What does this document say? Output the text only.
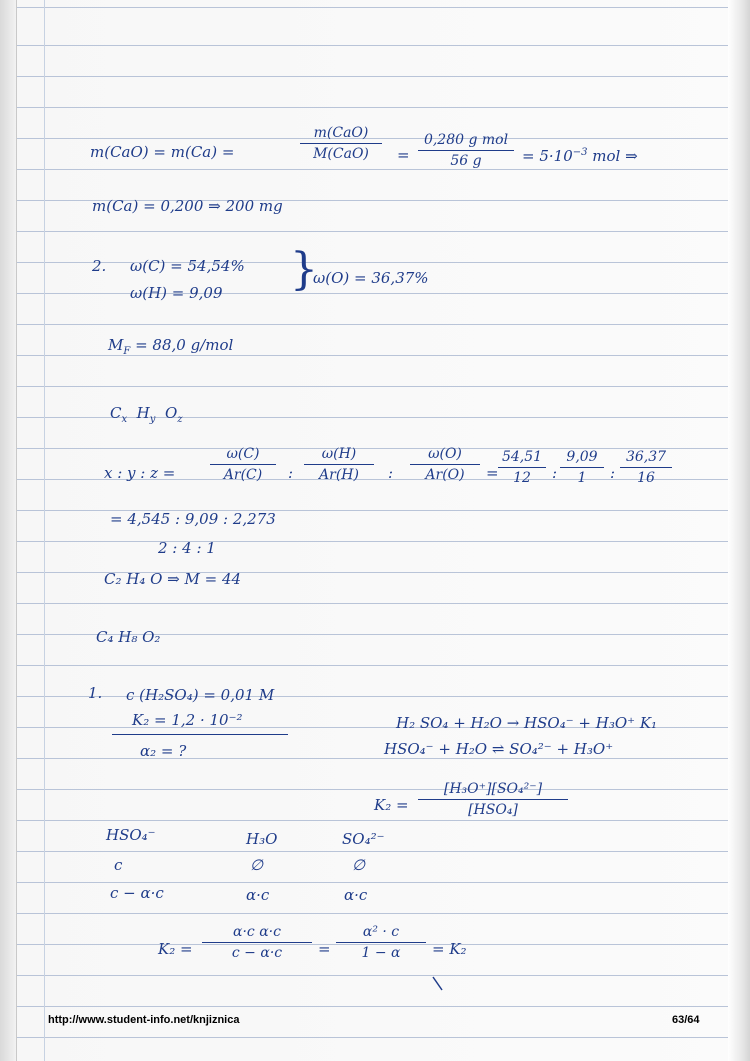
m(CaO) = m(Ca) =
m(CaO)
M(CaO)	=
0,280 g mol
56 g	= $5\cdot 10^{-3}$ mol ⇒
m(Ca) = 0,200 ⇒ 200 mg
2. ω(C) = 54,54%
ω(H) = 9,09 }
ω(O) = 36,37%
$M_F = 88,0$ g/mol
$C_x$ $H_y$ $O_z$
x : y : z =
ω(C)
Ar(C)	:
ω(H)
Ar(H)	:
ω(O)
Ar(O)	=
54,51
12	:
9,09
1	:
36,37
16
= 4,545 : 9,09 : 2,273
2 : 4 : 1
C₂ H₄ O ⇒ M = 44
C₄ H₈ O₂
1. c (H₂SO₄) = 0,01 M
K₂ = 1,2 · 10⁻²
α₂ = ?
H₂ SO₄ + H₂O → HSO₄⁻ + H₃O⁺ K₁
HSO₄⁻ + H₂O ⇌ SO₄²⁻ + H₃O⁺
K₂ =
[H₃O⁺][SO₄²⁻]
[HSO₄]
HSO₄⁻	H₃O	SO₄²⁻
c	∅	∅
c − α·c	α·c	α·c
K₂ =
α·c α·c
c − α·c	=
α² · c
1 − α	= K₂
http://www.student-info.net/knjiznica	63/64
